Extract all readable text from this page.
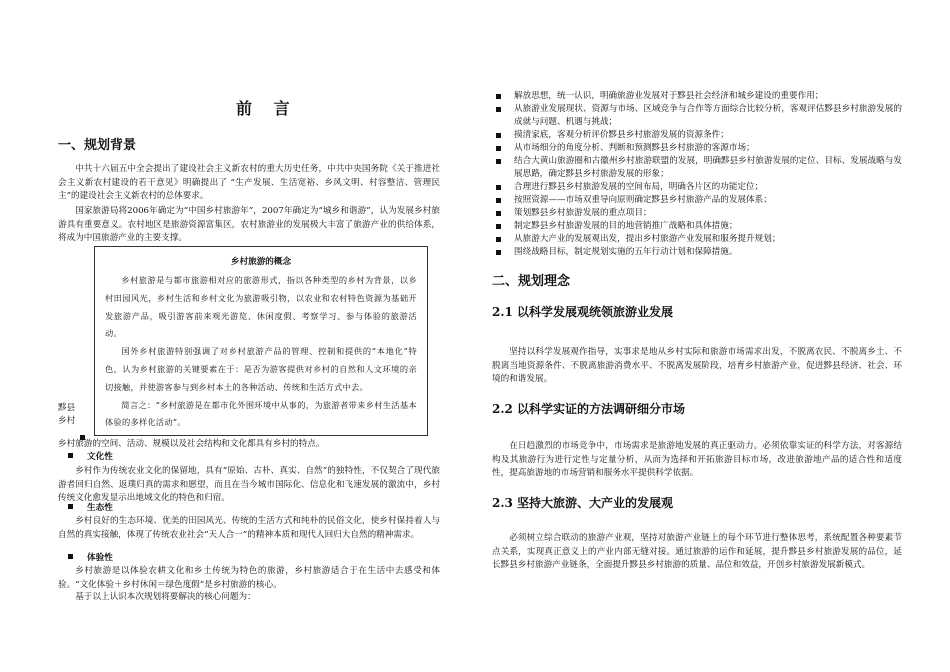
前 言
一、规划背景

中共十六届五中全会提出了建设社会主义新农村的重大历史任务，中共中央国务院《关于推进社会主义新农村建设的若干意见》明确提出了 “生产发展、生活宽裕、乡风文明、村容整洁、管理民主”的建设社会主义新农村的总体要求。

国家旅游局将2006年确定为“中国乡村旅游年”，2007年确定为“城乡和谐游”，认为发展乡村旅游具有重要意义。农村地区是旅游资源富集区，农村旅游业的发展极大丰富了旅游产业的供给体系，将成为中国旅游产业的主要支撑。

黟县

乡村

乡村旅游的空间、活动、规模以及社会结构和文化都具有乡村的特点。

文化性

乡村作为传统农业文化的保留地，具有“原始、古朴、真实、自然”的独特性，不仅契合了现代旅游者回归自然、返璞归真的需求和愿望，而且在当今城市国际化、信息化和飞速发展的激流中，乡村传统文化愈发显示出地域文化的特色和归宿。

生态性

乡村良好的生态环境、优美的田园风光、传统的生活方式和纯朴的民俗文化，使乡村保持着人与自然的真实接触，体现了传统农业社会“天人合一”的精神本质和现代人回归大自然的精神需求。

体验性

乡村旅游是以体验农耕文化和乡土传统为特色的旅游，乡村旅游适合于在生活中去感受和体验。“文化体验＋乡村休闲＝绿色度假”是乡村旅游的核心。

基于以上认识本次规划将要解决的核心问题为：

乡村旅游的概念

乡村旅游是与都市旅游相对应的旅游形式，指以各种类型的乡村为背景，以乡村田园风光，乡村生活和乡村文化为旅游吸引物，以农业和农村特色资源为基础开发旅游产品，吸引游客前来观光游览、休闲度假、考察学习、参与体验的旅游活动。

国外乡村旅游特别强调了对乡村旅游产品的管理、控制和提供的“本地化”特色，认为乡村旅游的关键要素在于：是否为游客提供对乡村的自然和人文环境的亲切接触，并使游客参与到乡村本土的各种活动、传统和生活方式中去。

简言之：“乡村旅游是在都市化外围环境中从事的，为旅游者带来乡村生活基本体验的多样化活动”。

解放思想，统一认识，明确旅游业发展对于黟县社会经济和城乡建设的重要作用；
从旅游业发展现状、资源与市场、区域竞争与合作等方面综合比较分析，客观评估黟县乡村旅游发展的成就与问题、机遇与挑战；
摸清家底，客观分析评价黟县乡村旅游发展的资源条件；
从市场细分的角度分析、判断和预测黟县乡村旅游的客源市场；
结合大黄山旅游圈和古徽州乡村旅游联盟的发展，明确黟县乡村旅游发展的定位、目标、发展战略与发展思路，确定黟县乡村旅游发展的形象；
合理进行黟县乡村旅游发展的空间布局，明确各片区的功能定位；
按照资源——市场双重导向原则确定黟县乡村旅游产品的发展体系；
策划黟县乡村旅游发展的重点项目；
制定黟县乡村旅游发展的目的地营销推广战略和具体措施；
从旅游大产业的发展观出发，提出乡村旅游产业发展和服务提升规划；
围绕战略目标，制定规划实施的五年行动计划和保障措施。
二、规划理念
2.1 以科学发展观统领旅游业发展

坚持以科学发展观作指导，实事求是地从乡村实际和旅游市场需求出发，不脱离农民、不脱离乡土、不脱离当地资源条件、不脱离旅游消费水平、不脱离发展阶段，培育乡村旅游产业，促进黟县经济、社会、环境的和谐发展。

2.2 以科学实证的方法调研细分市场

在日趋激烈的市场竞争中，市场需求是旅游地发展的真正驱动力。必须依靠实证的科学方法，对客源结构及其旅游行为进行定性与定量分析，从而为选择和开拓旅游目标市场，改进旅游地产品的适合性和适度性，提高旅游地的市场营销和服务水平提供科学依据。

2.3 坚持大旅游、大产业的发展观

必须树立综合联动的旅游产业观，坚持对旅游产业链上的每个环节进行整体思考，系统配置各种要素节点关系，实现真正意义上的产业内部无缝对接。通过旅游的运作和延展，提升黟县乡村旅游发展的品位，延长黟县乡村旅游产业链条，全面提升黟县乡村旅游的质量、品位和效益，开创乡村旅游发展新模式。
